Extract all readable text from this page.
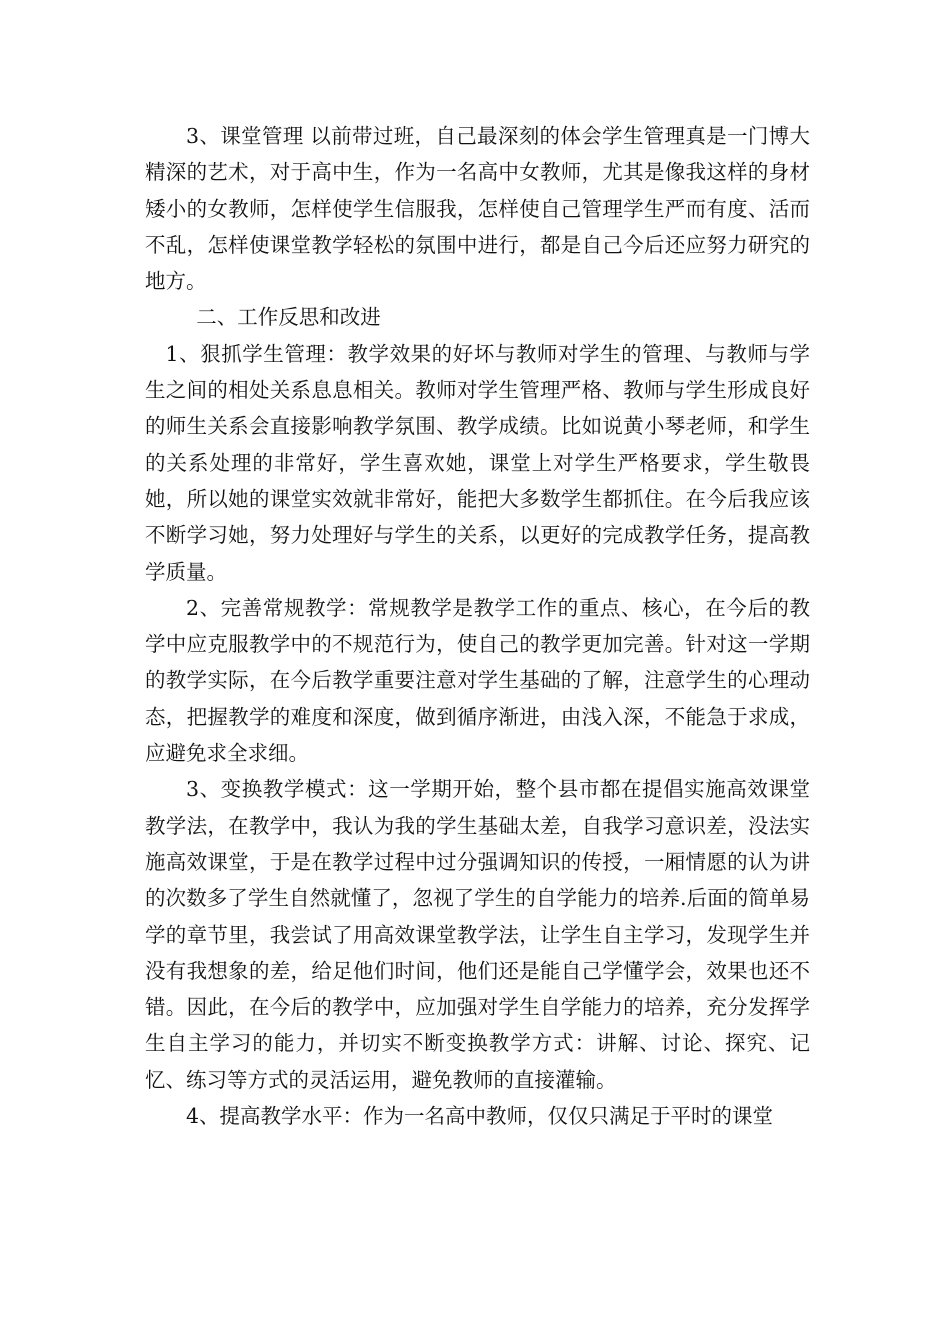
3、课堂管理 以前带过班，自己最深刻的体会学生管理真是一门博大精深的艺术，对于高中生，作为一名高中女教师，尤其是像我这样的身材矮小的女教师，怎样使学生信服我，怎样使自己管理学生严而有度、活而不乱，怎样使课堂教学轻松的氛围中进行，都是自己今后还应努力研究的地方。

二、工作反思和改进

1、狠抓学生管理：教学效果的好坏与教师对学生的管理、与教师与学生之间的相处关系息息相关。教师对学生管理严格、教师与学生形成良好的师生关系会直接影响教学氛围、教学成绩。比如说黄小琴老师，和学生的关系处理的非常好，学生喜欢她，课堂上对学生严格要求，学生敬畏她，所以她的课堂实效就非常好，能把大多数学生都抓住。在今后我应该不断学习她，努力处理好与学生的关系，以更好的完成教学任务，提高教学质量。

2、完善常规教学：常规教学是教学工作的重点、核心，在今后的教学中应克服教学中的不规范行为，使自己的教学更加完善。针对这一学期的教学实际，在今后教学重要注意对学生基础的了解，注意学生的心理动态，把握教学的难度和深度，做到循序渐进，由浅入深，不能急于求成，应避免求全求细。

3、变换教学模式：这一学期开始，整个县市都在提倡实施高效课堂教学法，在教学中，我认为我的学生基础太差，自我学习意识差，没法实施高效课堂，于是在教学过程中过分强调知识的传授，一厢情愿的认为讲的次数多了学生自然就懂了，忽视了学生的自学能力的培养.后面的简单易学的章节里，我尝试了用高效课堂教学法，让学生自主学习，发现学生并没有我想象的差，给足他们时间，他们还是能自己学懂学会，效果也还不错。因此，在今后的教学中，应加强对学生自学能力的培养，充分发挥学生自主学习的能力，并切实不断变换教学方式：讲解、讨论、探究、记忆、练习等方式的灵活运用，避免教师的直接灌输。

4、提高教学水平：作为一名高中教师，仅仅只满足于平时的课堂
